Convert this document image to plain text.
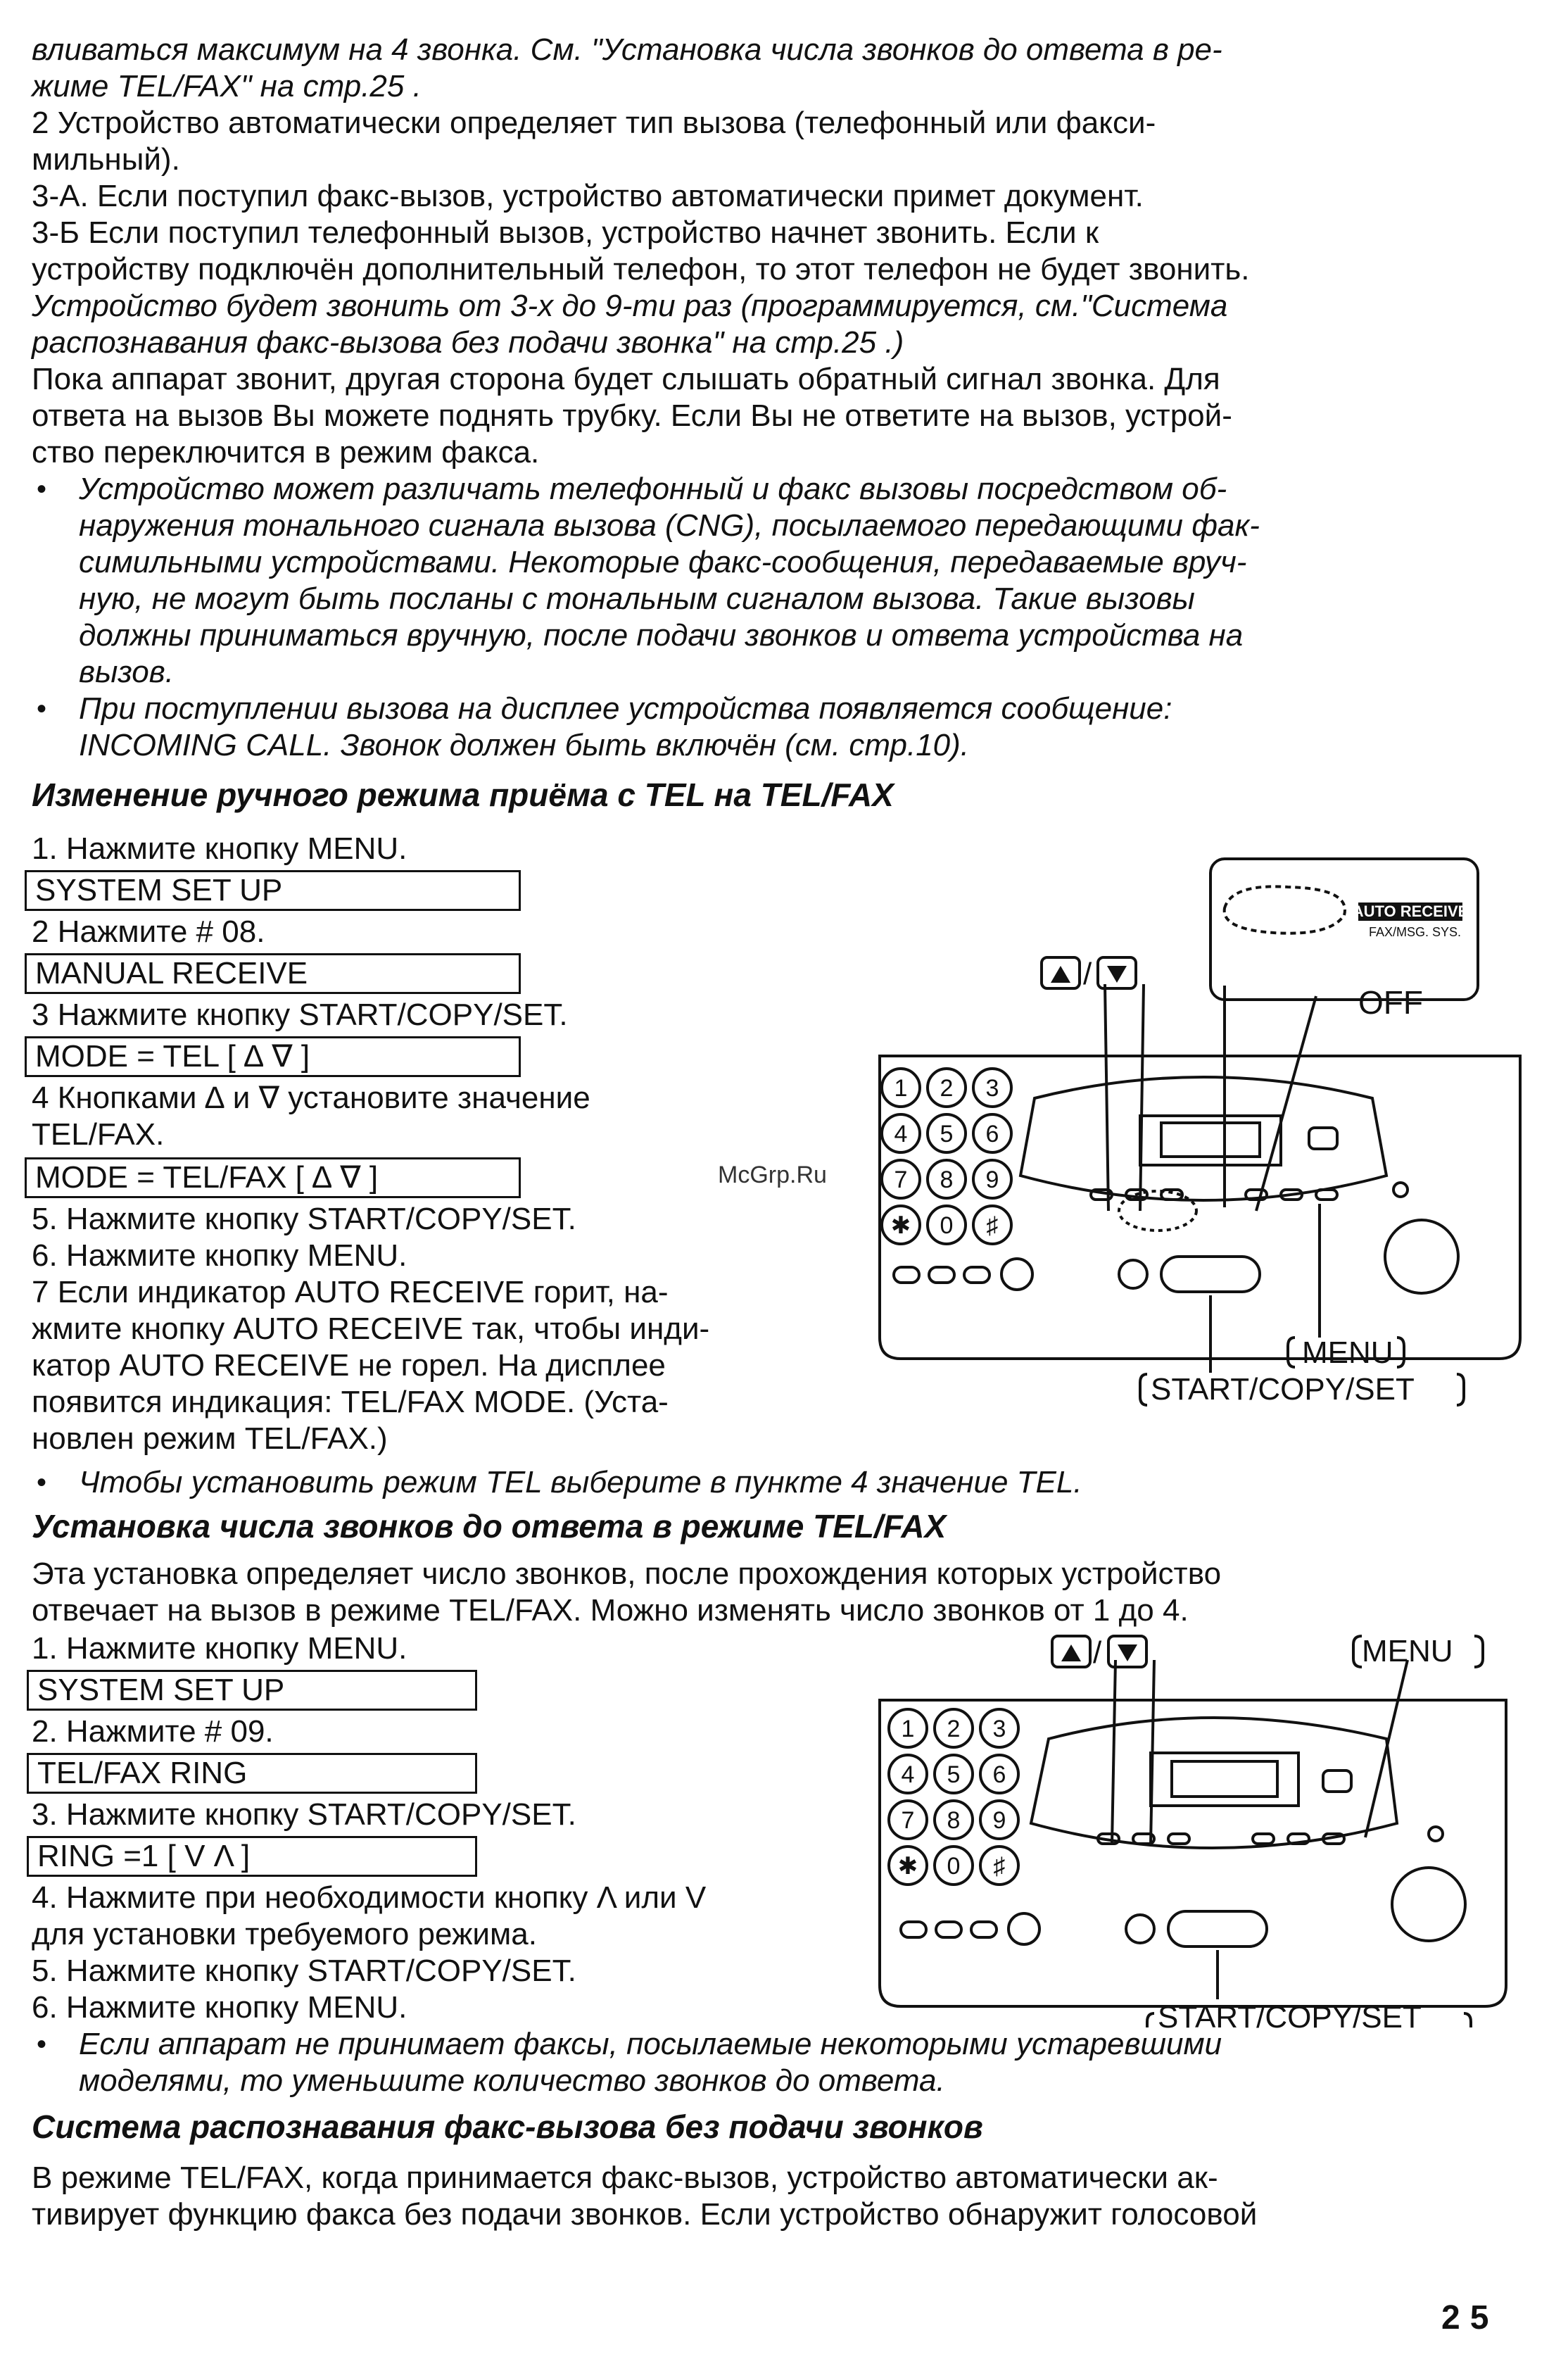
вливаться максимум на 4 звонка. См. "Установка числа звонков до ответа в ре-
жиме TEL/FAX" на стр.25 .
2 Устройство автоматически определяет тип вызова (телефонный или факси-
мильный).
3-А. Если поступил факс-вызов, устройство автоматически примет документ.
3-Б Если поступил телефонный вызов, устройство начнет звонить. Если к
устройству подключён дополнительный телефон, то этот телефон не будет звонить.
Устройство будет звонить от 3-х до 9-ти раз (программируется, см."Система
распознавания факс-вызова без подачи звонка" на стр.25 .)
Пока аппарат звонит, другая сторона будет слышать обратный сигнал звонка. Для
ответа на вызов Вы можете поднять трубку. Если Вы не ответите на вызов, устрой-
ство переключится в режим факса.
• Устройство может различать телефонный и факс вызовы посредством об-
наружения тонального сигнала вызова (CNG), посылаемого передающими фак-
симильными устройствами. Некоторые факс-сообщения, передаваемые вруч-
ную, не могут быть посланы с тональным сигналом вызова. Такие вызовы
должны приниматься вручную, после подачи звонков и ответа устройства на
вызов.
• При поступлении вызова на дисплее устройства появляется сообщение:
INCOMING CALL. Звонок должен быть включён (см. стр.10).
Изменение ручного режима приёма с TEL на TEL/FAX
1. Нажмите кнопку MENU.
SYSTEM SET UP
2 Нажмите # 08.
MANUAL RECEIVE
3 Нажмите кнопку START/COPY/SET.
MODE = TEL [ ∆ ∇ ]
4 Кнопками ∆ и ∇ установите значение
TEL/FAX.
MODE = TEL/FAX [ ∆ ∇ ]
5. Нажмите кнопку START/COPY/SET.
6. Нажмите кнопку MENU.
7 Если индикатор AUTO RECEIVE горит, на-
жмите кнопку AUTO RECEIVE так, чтобы инди-
катор AUTO RECEIVE не горел. На дисплее
появится индикация: TEL/FAX MODE. (Уста-
новлен режим TEL/FAX.)
• Чтобы установить режим TEL выберите в пункте 4 значение TEL.
McGrp.Ru
AUTO RECEIVE
FAX/MSG. SYS.
OFF
/
MENU
START/COPY/SET
1 2 3
4 5 6
7 8 9
✱ 0 ♯
Установка числа звонков до ответа в режиме TEL/FAX
Эта установка определяет число звонков, после прохождения которых устройство
отвечает на вызов в режиме TEL/FAX. Можно изменять число звонков от 1 до 4.
1. Нажмите кнопку MENU.
SYSTEM SET UP
2. Нажмите # 09.
TEL/FAX RING
3. Нажмите кнопку START/COPY/SET.
RING =1 [ V Λ ]
4. Нажмите при необходимости кнопку Λ или V
для установки требуемого режима.
5. Нажмите кнопку START/COPY/SET.
6. Нажмите кнопку MENU.
• Если аппарат не принимает факсы, посылаемые некоторыми устаревшими
моделями, то уменьшите количество звонков до ответа.
/	MENU
START/COPY/SET
1 2 3
4 5 6
7 8 9
✱ 0 ♯
Система распознавания факс-вызова без подачи звонков
В режиме TEL/FAX, когда принимается факс-вызов, устройство автоматически ак-
тивирует функцию факса без подачи звонков. Если устройство обнаружит голосовой
25
